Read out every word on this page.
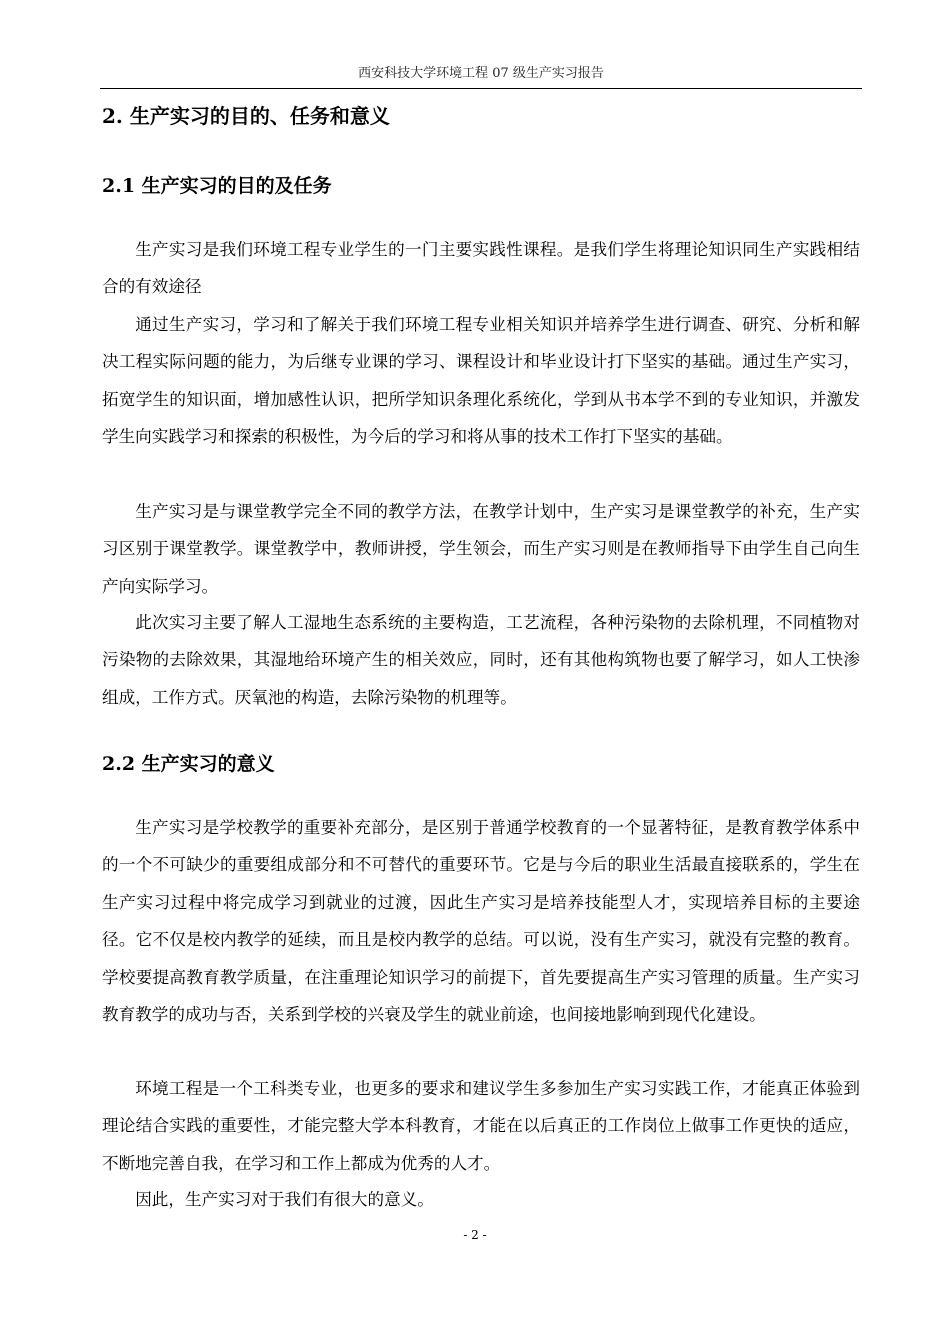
西安科技大学环境工程 07 级生产实习报告
2. 生产实习的目的、任务和意义
2.1 生产实习的目的及任务

生产实习是我们环境工程专业学生的一门主要实践性课程。是我们学生将理论知识同生产实践相结合的有效途径

通过生产实习，学习和了解关于我们环境工程专业相关知识并培养学生进行调查、研究、分析和解决工程实际问题的能力，为后继专业课的学习、课程设计和毕业设计打下坚实的基础。通过生产实习，拓宽学生的知识面，增加感性认识，把所学知识条理化系统化，学到从书本学不到的专业知识，并激发学生向实践学习和探索的积极性，为今后的学习和将从事的技术工作打下坚实的基础。

生产实习是与课堂教学完全不同的教学方法，在教学计划中，生产实习是课堂教学的补充，生产实习区别于课堂教学。课堂教学中，教师讲授，学生领会，而生产实习则是在教师指导下由学生自己向生产向实际学习。

此次实习主要了解人工湿地生态系统的主要构造，工艺流程，各种污染物的去除机理，不同植物对污染物的去除效果，其湿地给环境产生的相关效应，同时，还有其他构筑物也要了解学习，如人工快渗组成，工作方式。厌氧池的构造，去除污染物的机理等。

2.2 生产实习的意义

生产实习是学校教学的重要补充部分，是区别于普通学校教育的一个显著特征，是教育教学体系中的一个不可缺少的重要组成部分和不可替代的重要环节。它是与今后的职业生活最直接联系的，学生在生产实习过程中将完成学习到就业的过渡，因此生产实习是培养技能型人才，实现培养目标的主要途径。它不仅是校内教学的延续，而且是校内教学的总结。可以说，没有生产实习，就没有完整的教育。学校要提高教育教学质量，在注重理论知识学习的前提下，首先要提高生产实习管理的质量。生产实习教育教学的成功与否，关系到学校的兴衰及学生的就业前途，也间接地影响到现代化建设。

环境工程是一个工科类专业，也更多的要求和建议学生多参加生产实习实践工作，才能真正体验到理论结合实践的重要性，才能完整大学本科教育，才能在以后真正的工作岗位上做事工作更快的适应，不断地完善自我，在学习和工作上都成为优秀的人才。

因此，生产实习对于我们有很大的意义。

- 2 -
